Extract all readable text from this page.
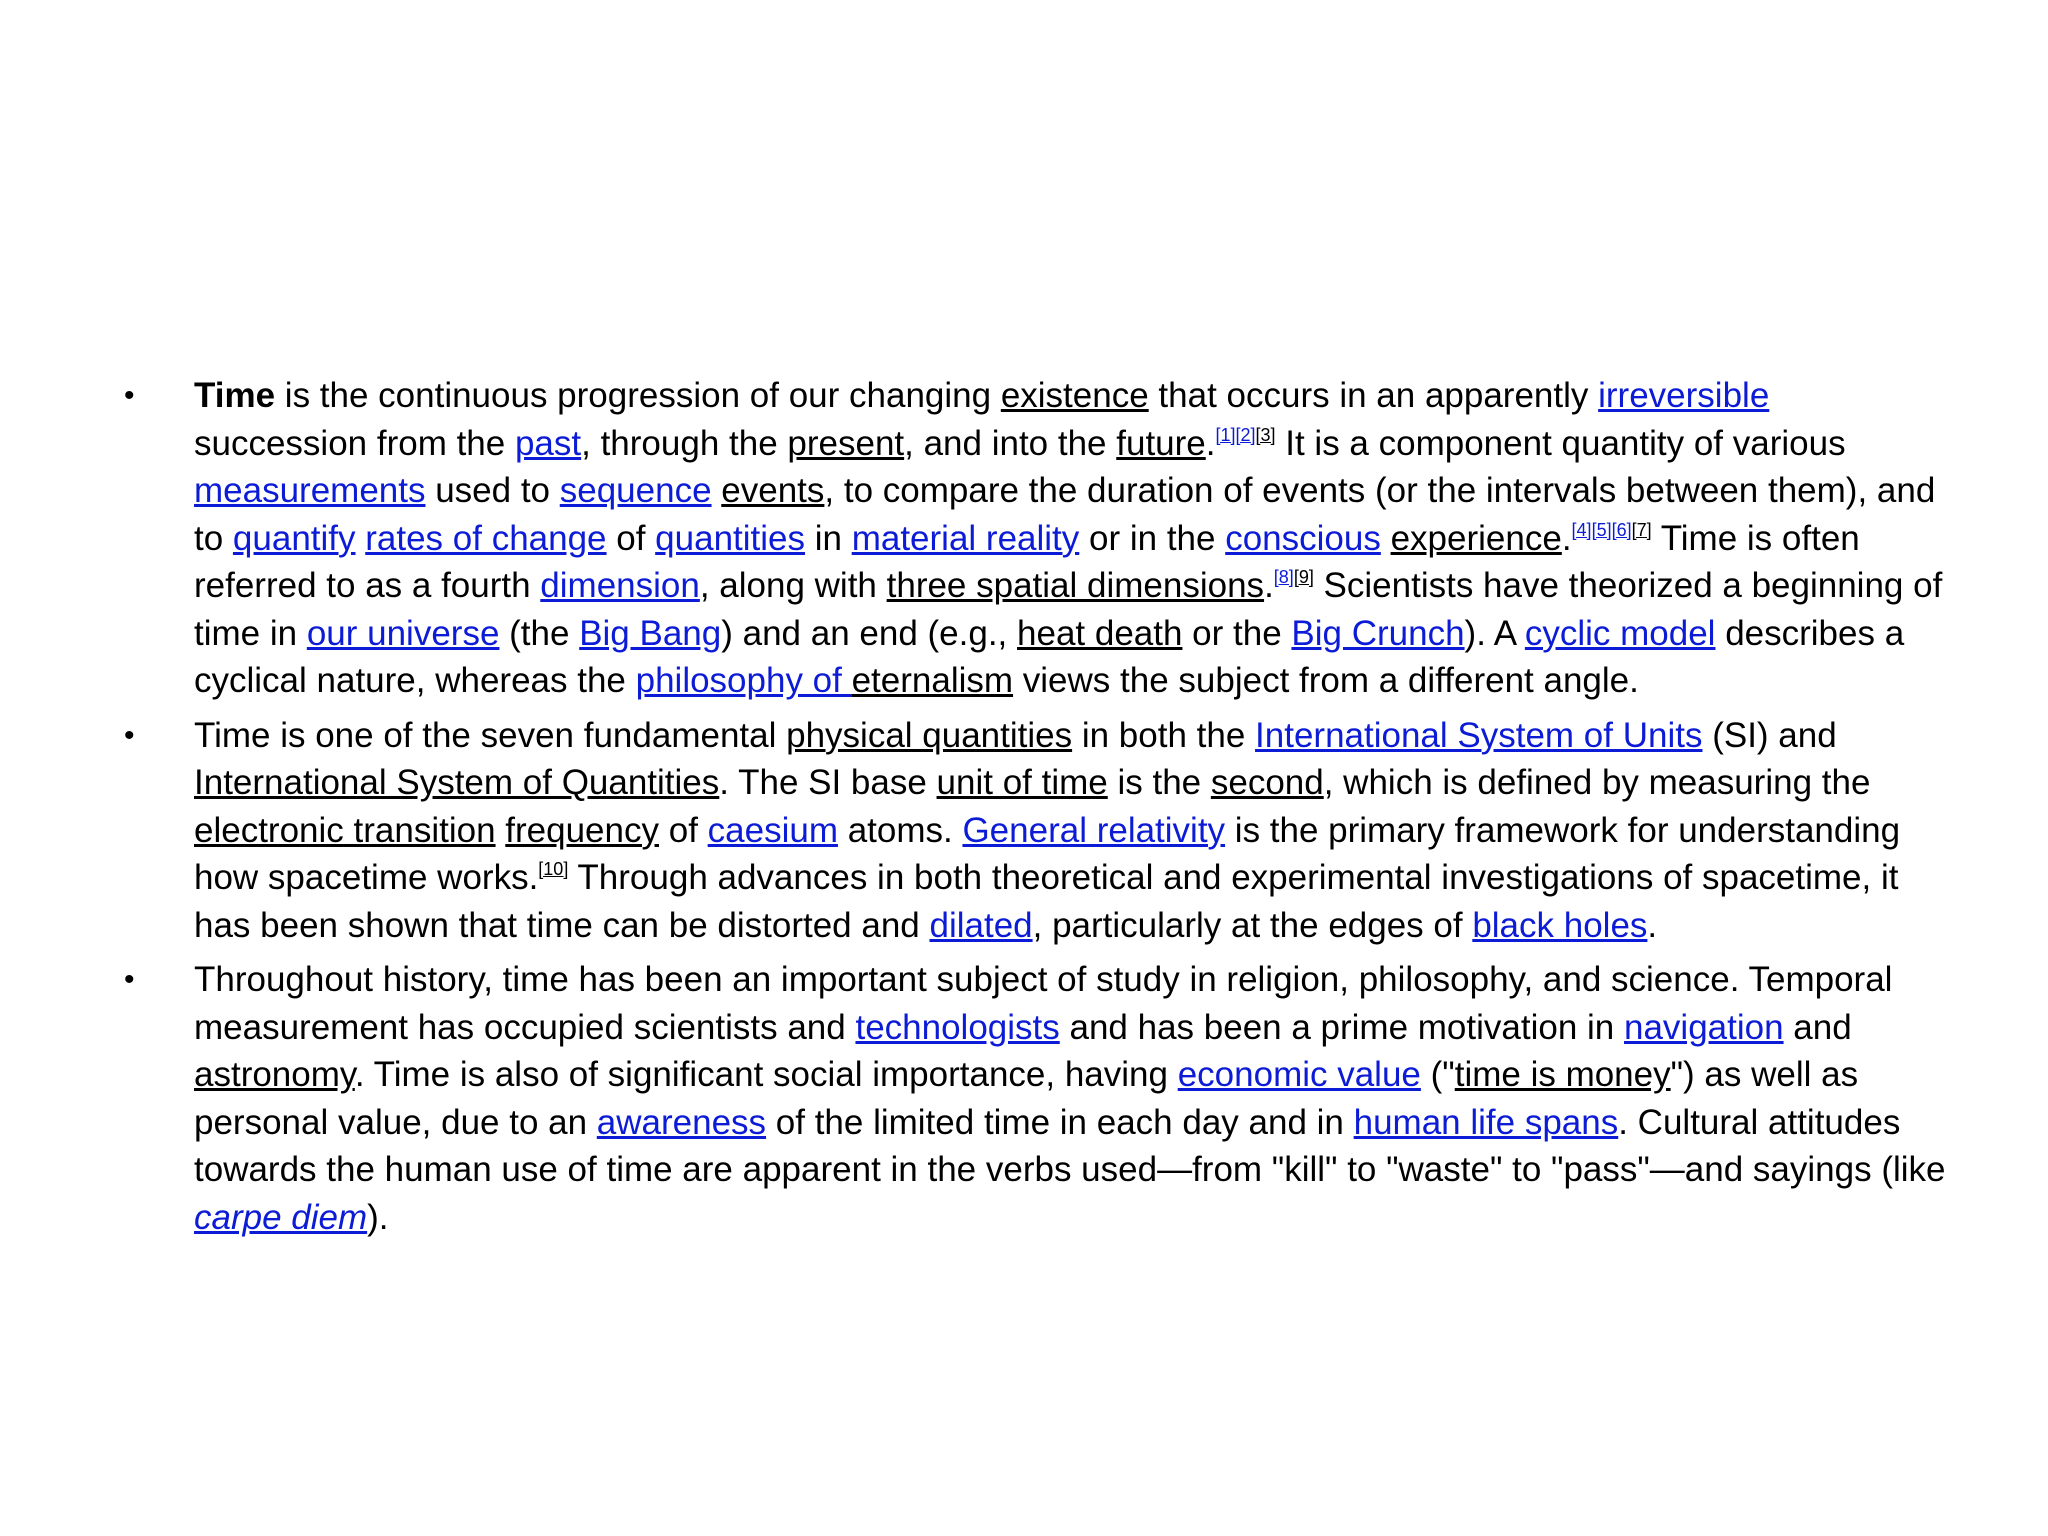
• Time is the continuous progression of our changing existence that occurs in an apparently irreversible succession from the past, through the present, and into the future.[1][2][3] It is a component quantity of various measurements used to sequence events, to compare the duration of events (or the intervals between them), and to quantify rates of change of quantities in material reality or in the conscious experience.[4][5][6][7] Time is often referred to as a fourth dimension, along with three spatial dimensions.[8][9] Scientists have theorized a beginning of time in our universe (the Big Bang) and an end (e.g., heat death or the Big Crunch). A cyclic model describes a cyclical nature, whereas the philosophy of eternalism views the subject from a different angle.
• Time is one of the seven fundamental physical quantities in both the International System of Units (SI) and International System of Quantities. The SI base unit of time is the second, which is defined by measuring the electronic transition frequency of caesium atoms. General relativity is the primary framework for understanding how spacetime works.[10] Through advances in both theoretical and experimental investigations of spacetime, it has been shown that time can be distorted and dilated, particularly at the edges of black holes.
• Throughout history, time has been an important subject of study in religion, philosophy, and science. Temporal measurement has occupied scientists and technologists and has been a prime motivation in navigation and astronomy. Time is also of significant social importance, having economic value ("time is money") as well as personal value, due to an awareness of the limited time in each day and in human life spans. Cultural attitudes towards the human use of time are apparent in the verbs used—from "kill" to "waste" to "pass"—and sayings (like carpe diem).
